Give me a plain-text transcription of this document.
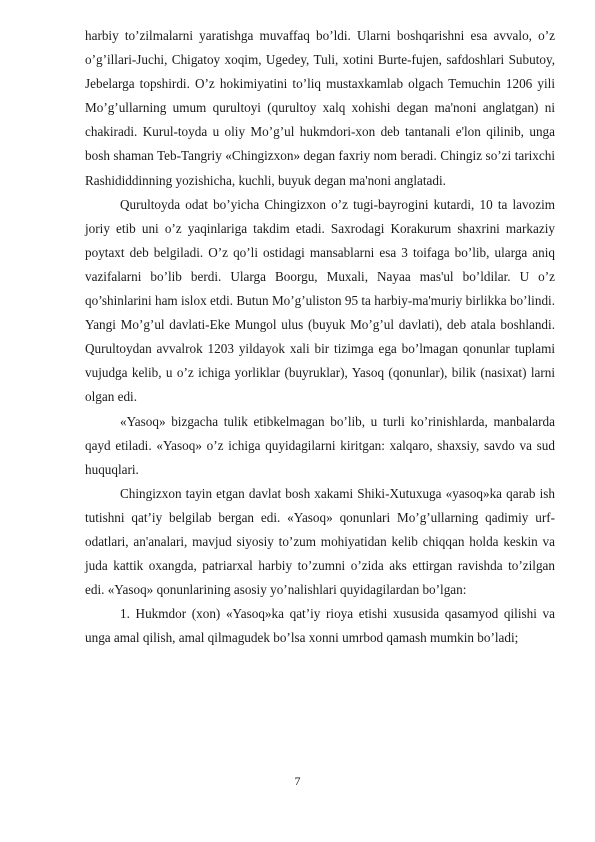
harbiy to’zilmalarni yaratishga muvaffaq bo’ldi. Ularni boshqarishni esa avvalo, o’z o’g’illari-Juchi, Chigatoy xoqim, Ugedey, Tuli, xotini Burte-fujen, safdoshlari Subutoy, Jebelarga topshirdi. O’z hokimiyatini to’liq mustaxkamlab olgach Temuchin 1206 yili Mo’g’ullarning umum qurultoyi (qurultoy xalq xohishi degan ma'noni anglatgan) ni chakiradi. Kurul-toyda u oliy Mo’g’ul hukmdori-xon deb tantanali e'lon qilinib, unga bosh shaman Teb-Tangriy «Chingizxon» degan faxriy nom beradi. Chingiz so’zi tarixchi Rashididdinning yozishicha, kuchli, buyuk degan ma'noni anglatadi.

Qurultoyda odat bo’yicha Chingizxon o’z tugi-bayrogini kutardi, 10 ta lavozim joriy etib uni o’z yaqinlariga takdim etadi. Saxrodagi Korakurum shaxrini markaziy poytaxt deb belgiladi. O’z qo’li ostidagi mansablarni esa 3 toifaga bo’lib, ularga aniq vazifalarni bo’lib berdi. Ularga Boorgu, Muxali, Nayaa mas'ul bo’ldilar. U o’z qo’shinlarini ham islox etdi. Butun Mo’g’uliston 95 ta harbiy-ma'muriy birlikka bo’lindi. Yangi Mo’g’ul davlati-Eke Mungol ulus (buyuk Mo’g’ul davlati), deb atala boshlandi. Qurultoydan avvalrok 1203 yildayok xali bir tizimga ega bo’lmagan qonunlar tuplami vujudga kelib, u o’z ichiga yorliklar (buyruklar), Yasoq (qonunlar), bilik (nasixat) larni olgan edi.

«Yasoq» bizgacha tulik etibkelmagan bo’lib, u turli ko’rinishlarda, manbalarda qayd etiladi. «Yasoq» o’z ichiga quyidagilarni kiritgan: xalqaro, shaxsiy, savdo va sud huquqlari.

Chingizxon tayin etgan davlat bosh xakami Shiki-Xutuxuga «yasoq»ka qarab ish tutishni qat’iy belgilab bergan edi. «Yasoq» qonunlari Mo’g’ullarning qadimiy urf-odatlari, an'analari, mavjud siyosiy to’zum mohiyatidan kelib chiqqan holda keskin va juda kattik oxangda, patriarxal harbiy to’zumni o’zida aks ettirgan ravishda to’zilgan edi. «Yasoq» qonunlarining asosiy yo’nalishlari quyidagilardan bo’lgan:

1. Hukmdor (xon) «Yasoq»ka qat’iy rioya etishi xususida qasamyod qilishi va unga amal qilish, amal qilmagudek bo’lsa xonni umrbod qamash mumkin bo’ladi;

7
